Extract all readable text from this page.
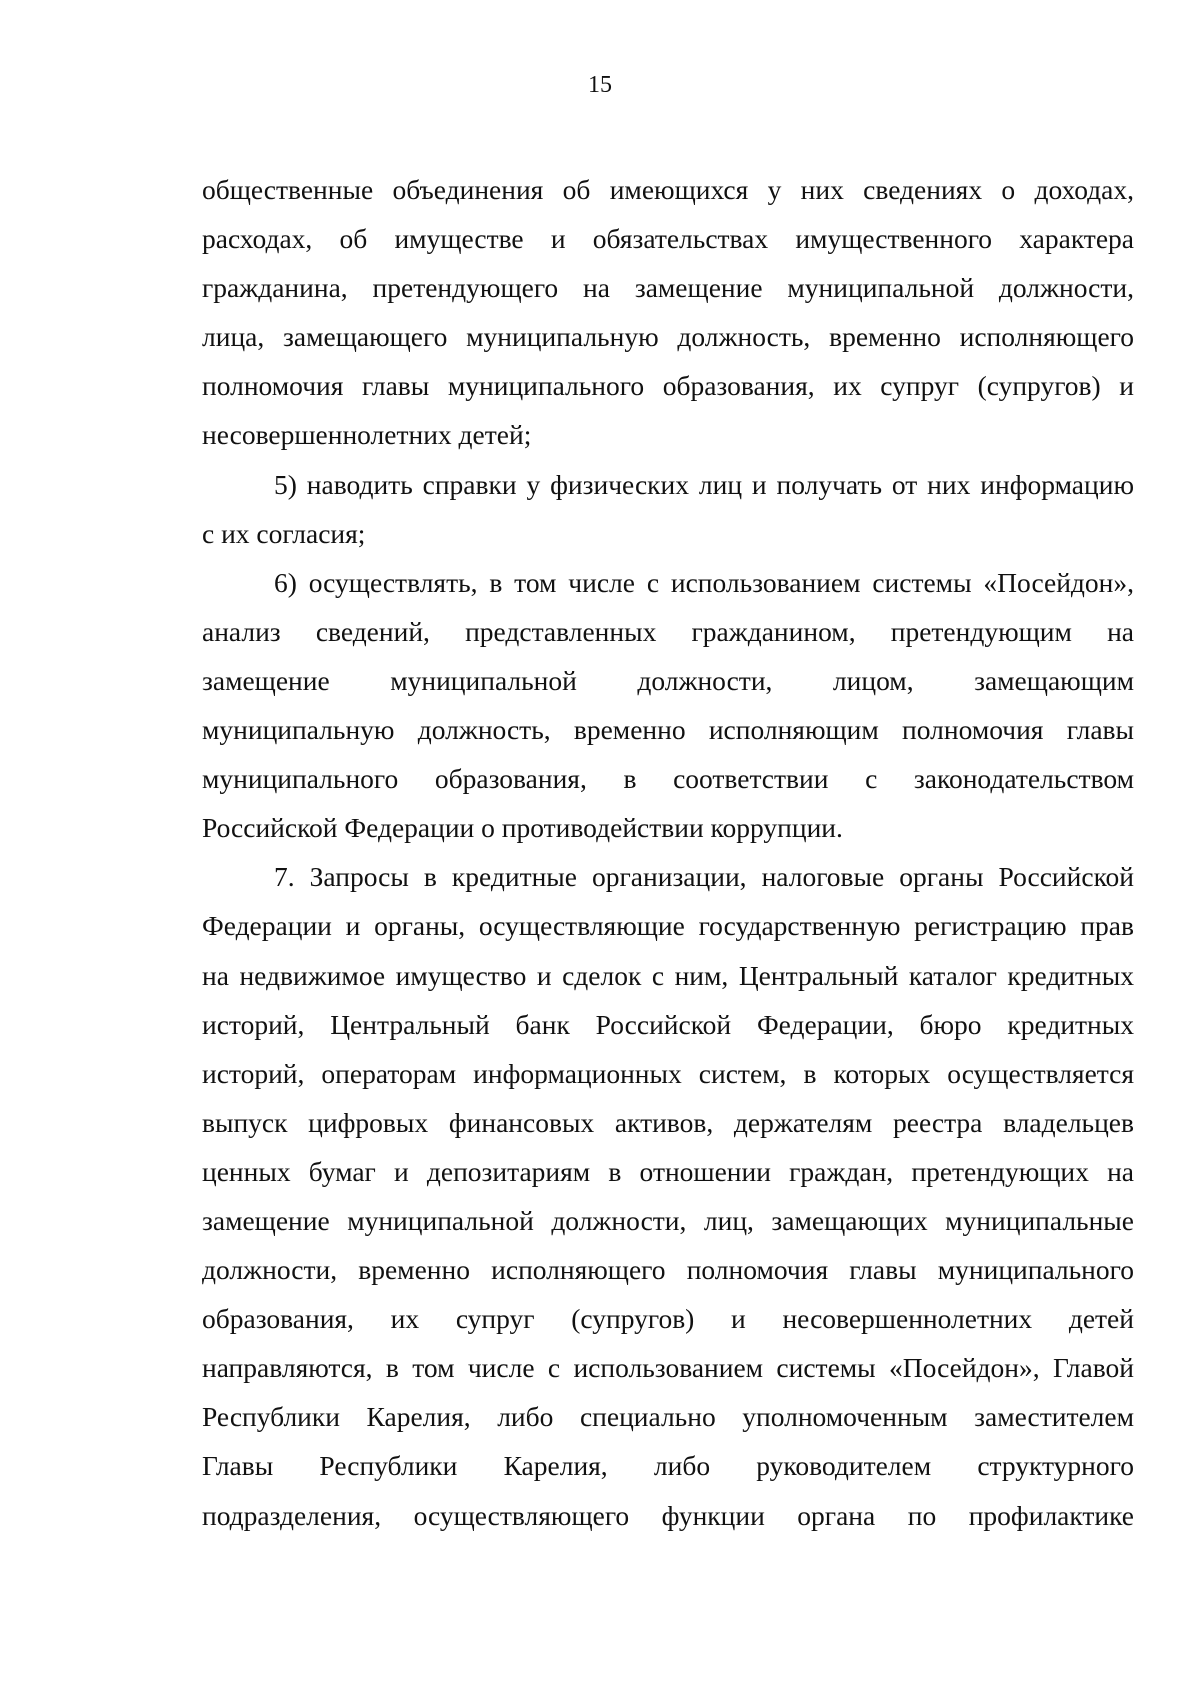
15
общественные объединения об имеющихся у них сведениях о доходах,
расходах, об имуществе и обязательствах имущественного характера
гражданина, претендующего на замещение муниципальной должности,
лица, замещающего муниципальную должность, временно исполняющего
полномочия главы муниципального образования, их супруг (супругов) и
несовершеннолетних детей;
5) наводить справки у физических лиц и получать от них информацию
с их согласия;
6) осуществлять, в том числе с использованием системы «Посейдон»,
анализ сведений, представленных гражданином, претендующим на
замещение муниципальной должности, лицом, замещающим
муниципальную должность, временно исполняющим полномочия главы
муниципального образования, в соответствии с законодательством
Российской Федерации о противодействии коррупции.
7. Запросы в кредитные организации, налоговые органы Российской
Федерации и органы, осуществляющие государственную регистрацию прав
на недвижимое имущество и сделок с ним, Центральный каталог кредитных
историй, Центральный банк Российской Федерации, бюро кредитных
историй, операторам информационных систем, в которых осуществляется
выпуск цифровых финансовых активов, держателям реестра владельцев
ценных бумаг и депозитариям в отношении граждан, претендующих на
замещение муниципальной должности, лиц, замещающих муниципальные
должности, временно исполняющего полномочия главы муниципального
образования, их супруг (супругов) и несовершеннолетних детей
направляются, в том числе с использованием системы «Посейдон», Главой
Республики Карелия, либо специально уполномоченным заместителем
Главы Республики Карелия, либо руководителем структурного
подразделения, осуществляющего функции органа по профилактике
